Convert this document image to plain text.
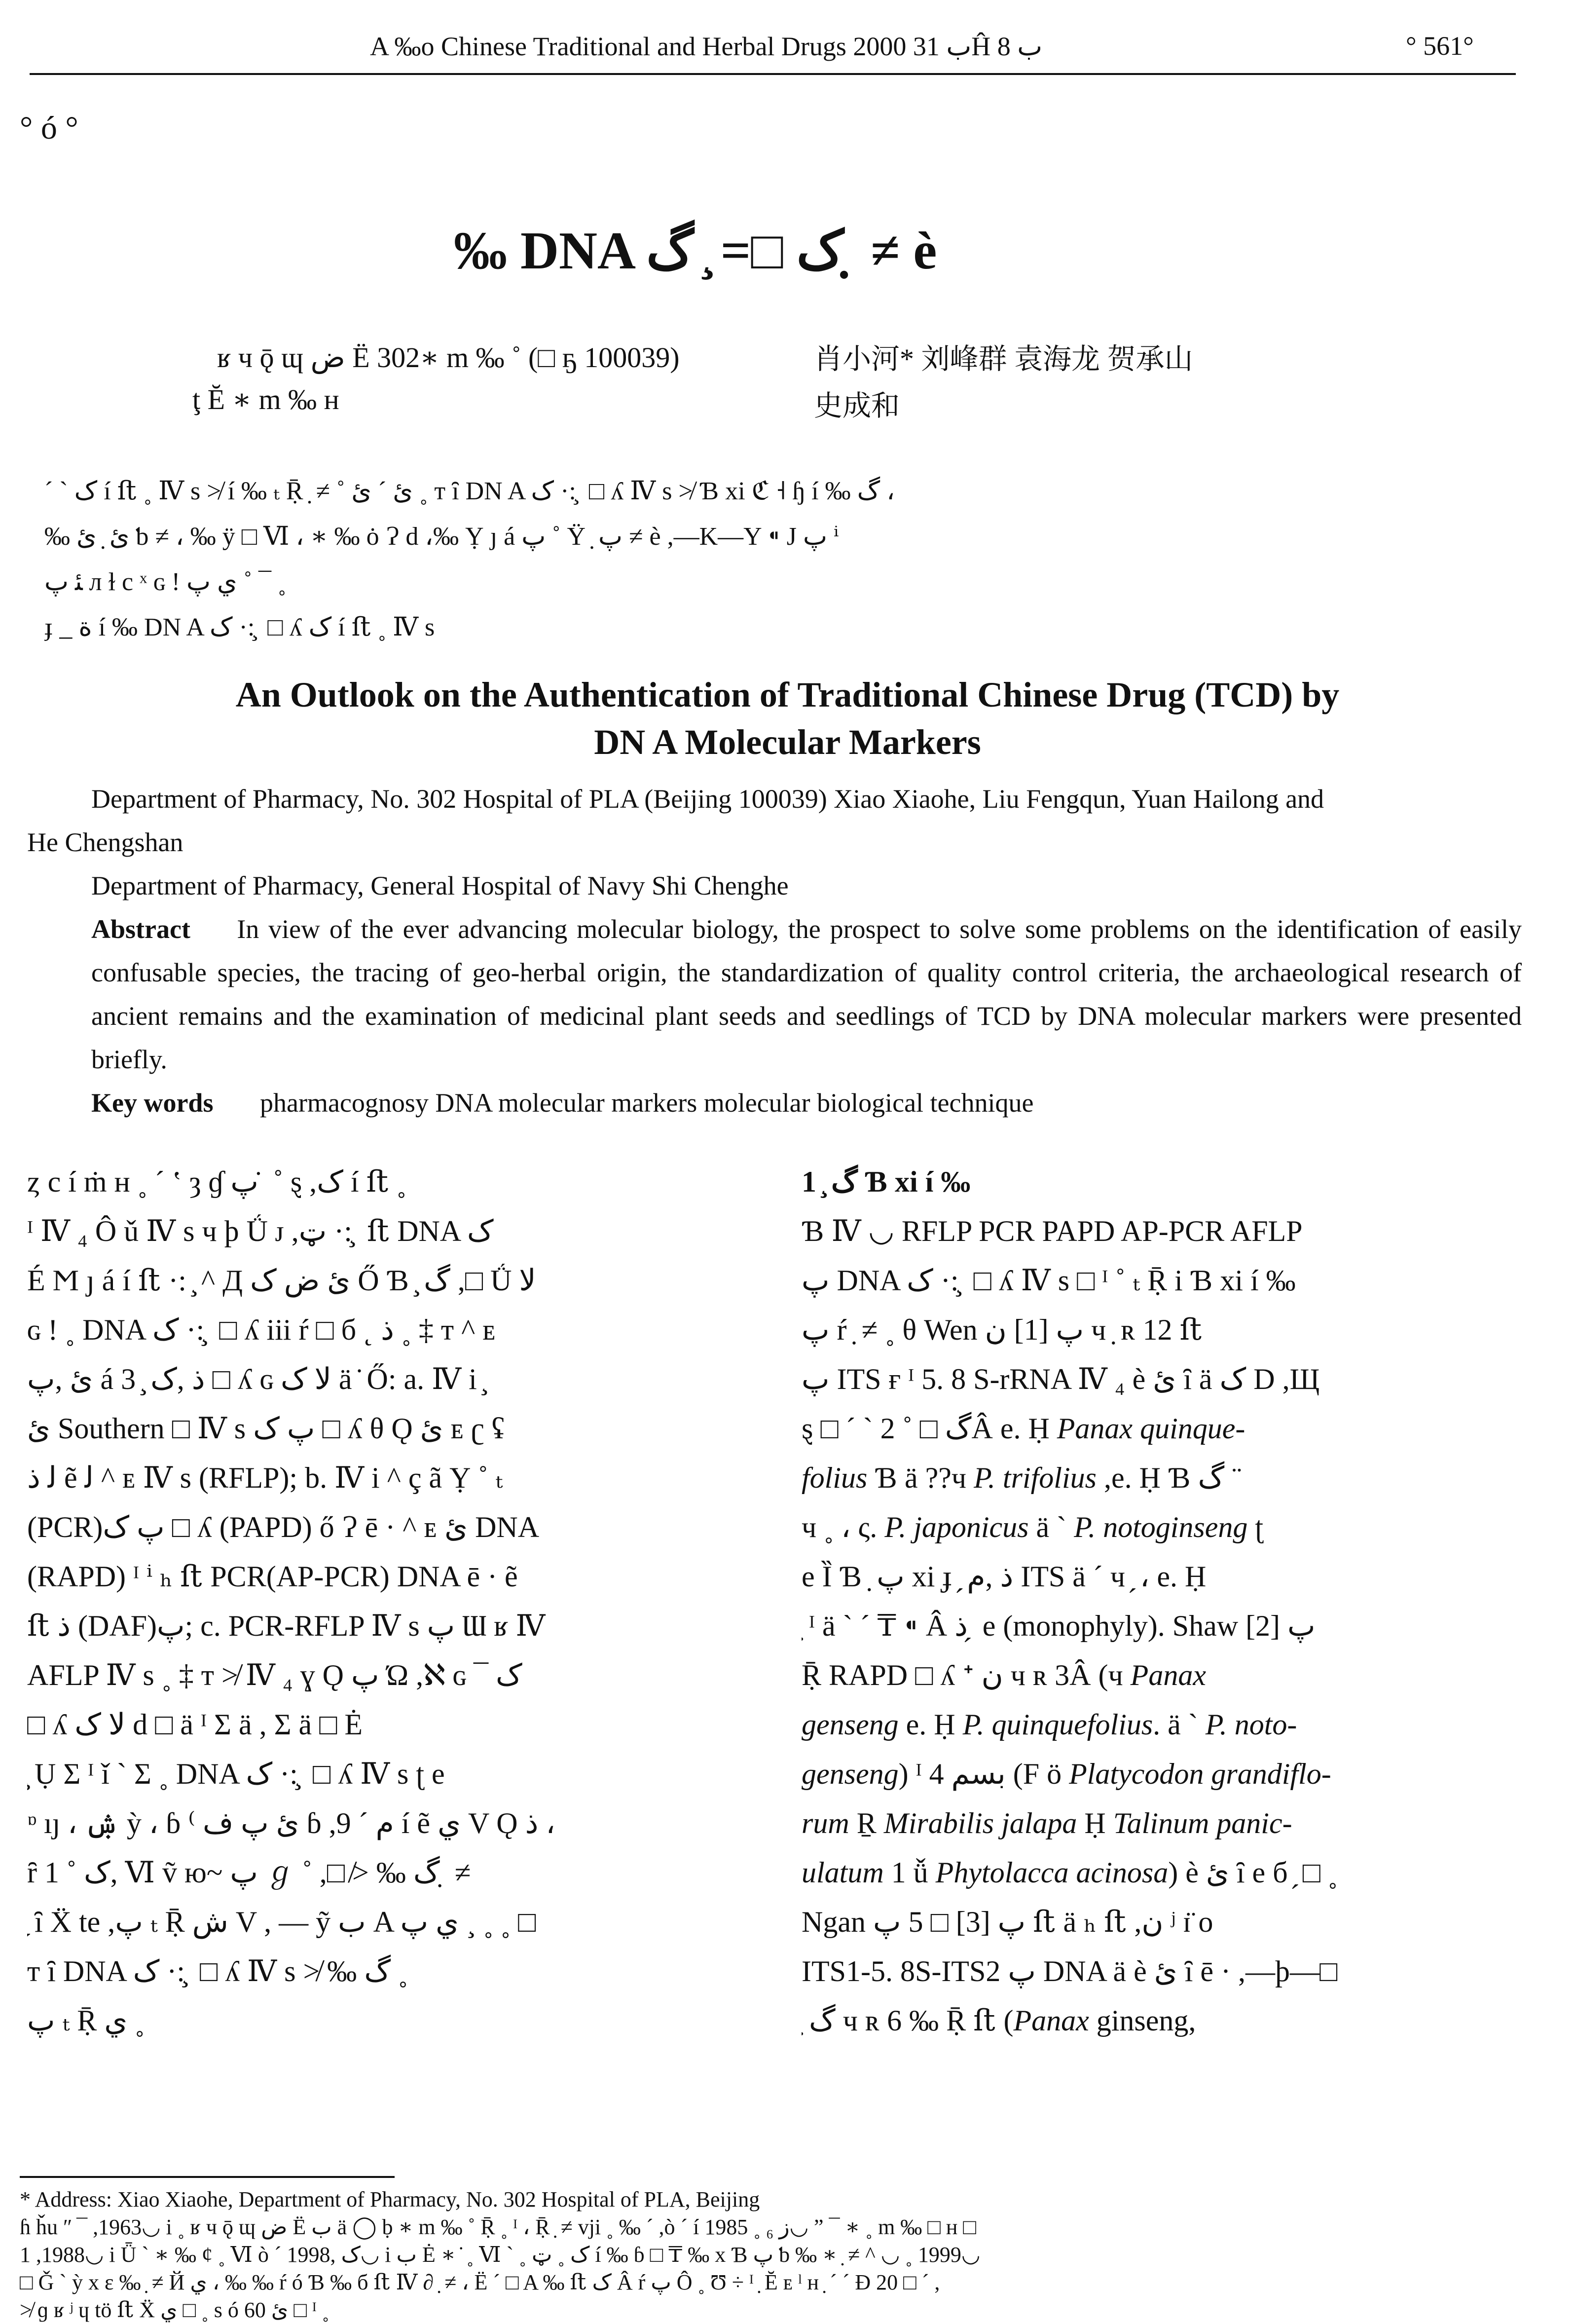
A ‰o Chinese Traditional and Herbal Drugs 2000 ب 31Ĥ ب 8	° 561°
° ó °
‰ DNA ک □= ̧ گ ̣ ≠ è
ʁ ч ǭ ɰ ض Ë 302∗ m ‰ ˚ (□ ҕ 100039)
ţ Ĕ ∗ m ‰ ʜ
肖小河* 刘峰群 袁海龙 贺承山
史成和
ˊ ˋ ک í ﬅ ˳ Ⅳ s ≯ í ‰ ₜ Ṝ ̣ ≠ ˚ ئ ˊ ئ ˳ т ȋ DN A ک ·: ̧ □ ʎ Ⅳ s ≯ Ɓ xi ℭ ˧ ɧ í ‰ گ ،
‰ ئ ̣ ئ ƅ ≠ ، ‰ ÿ □ Ⅵ ، ∗ ‰ ȯ Ɂ ԁ ،‰ Ỵ ȷ á پ ˚ Ÿ ̣ پ ≠ è ,—K—Y ⁌ J پ ⁱ
ﺌ پ л ɫ c ˣ ɢ ! ي پ ˚ ¯ ˳
ɟ _ ة í ‰ DN A ک ·: ̧ □ ʎ ک í ﬅ ˳ Ⅳ s
An Outlook on the Authentication of Traditional Chinese Drug (TCD) by
DN A Molecular Markers

Department of Pharmacy, No. 302 Hospital of PLA (Beijing 100039) Xiao Xiaohe, Liu Fengqun, Yuan Hailong and

He Chengshan

Department of Pharmacy, General Hospital of Navy Shi Chenghe

Abstract In view of the ever advancing molecular biology, the prospect to solve some problems on the identification of easily confusable species, the tracing of geo-herbal origin, the standardization of quality control criteria, the archaeological research of ancient remains and the examination of medicinal plant seeds and seedlings of TCD by DNA molecular markers were presented briefly.

Key words pharmacognosy DNA molecular markers molecular biological technique

ȥ c í ṁ ʜ ˳ ˊ ‛ ȝ ɠ پ ̇ ˚ ȿ ,ک í ﬅ ˳
ᴵ Ⅳ ₄ Ô ǔ Ⅳ s ч ϸ Ǘ ᴊ ,ټ ·: ̧ ﬅ DNA ک
É Ϻ ȷ á í ﬅ ·: ̧ ^ Д ئ ض ک Ő Ɓ ̧ گ ,□ Ǘ ﻻ
ɢ ! ˳ DNA ک ·: ̧ □ ʎ iii ŕ □ б ˛ ذ ˳ ‡ ᴛ ^ ᴇ
ئ ,پ á 3 ̧ ذ ,ک □ ʎ ɢ ﻻ ک ä ̇ Ő: a. Ⅳ i ̧
ئ Southern □ Ⅳ s پ ک □ ʎ θ Ǫ ئ ᴇ ʗ ʢ
ﻟ ذ ẽ ﻟ ^ ᴇ Ⅳ s (RFLP); b. Ⅳ i ^ ç ã Ỵ ˚ ₜ
(PCR)پ ک □ ʎ (PAPD) ő Ɂ ē · ^ ᴇ ئ DNA
(RAPD) ᴵ ⁱ ₕ ﬅ PCR(AP-PCR) DNA ē · ẽ
ﬅ ذ (DAF)پ; c. PCR-RFLP Ⅳ s پ Ɯ ʁ Ⅳ
AFLP Ⅳ s ˳ ‡ ᴛ ≯ Ⅳ ₄ ɣ Ǫ پ Ώ ,ℵ ɢ ¯ ک
□ ʎ ﻻ ک d □ ä ᴵ Σ ä , Σ ä □ Ė
̧ Ụ Σ ᴵ ǐ ˋ Σ ˳ DNA ک ·: ̧ □ ʎ Ⅳ s ʈ e
ᶛ ıȷ ، ۺ ỳ ، ɓ ⁽ ئ پ ﻑ ɓ ,ﻡ ˊ 9 í ẽ ي V Ǫ ذ ،
ȓ 1 ˚ ک, Ⅵ ṽ ю~ پ ℊ ˚ ,□ ≯ ‰ گ ̣ ≠
̗ ȋ Ẍ te ,پ ₜ Ṝ ش V , — ỹ ب A ي پ ¸ ˳ ˳ □
т ȋ DNA ک ·: ̧ □ ʎ Ⅳ s ≯ ‰ گ ˳
پ ₜ Ṝ ي ˳
1 ̧ گ Ɓ xi í ‰
Ɓ Ⅳ ◡ RFLP PCR PAPD AP-PCR AFLP
پ DNA ک ·: ̧ □ ʎ Ⅳ s □ ᴵ ˚ ₜ Ṝ i Ɓ xi í ‰
پ ŕ ̣ ≠ ˳ θ Wen پ [1] ن ч ̣ ʀ 12 ﬅ
پ ITS ғ ᴵ 5. 8 S-rRNA Ⅳ ₄ è ئ ȋ ä ک D ,Щ
ȿ □ ˊ ˋ گ □ ˚ 2Â e. Ḥ Panax quinque-
folius Ɓ ä ??ч P. trifolius ,e. Ḥ Ɓ گ ¨
ч ˳ ، ς. P. japonicus ä ˋ P. notoginseng ʈ
e Ȉ Ɓ ̣ پ xi ɟ ̗ ذ ,ﻡ ITS ä ˊ ч ̗ ، e. Ḥ
̣ ᴵ ä ˋ ˊ ₸ ⁌ Â ذ ̗ e (monophyly). Shaw پ [2]
Ṝ RAPD □ ʎ ᐩ ن ч ʀ 3Â (ч Panax
genseng e. Ḥ P. quinquefolius. ä ˋ P. noto-
genseng) ᴵ 4 ﺑﺴﻢ (F ö Platycodon grandiflo-
rum Ṟ Mirabilis jalapa Ḥ Talinum panic-
ulatum 1 ǚ Phytolacca acinosa) è ئ ȋ e б ̗ □ ˳
Ngan پ [3] □ 5 پ ﬅ ä ₕ ﬅ ,ن ʲ ɪ̈ o
ITS1-5. 8S-ITS2 پ DNA ä è ئ ȋ ē · ,—þ—□
̣ گ ч ʀ 6 ‰ Ṝ ﬅ (Panax ginseng,
* Address: Xiao Xiaohe, Department of Pharmacy, No. 302 Hospital of PLA, Beijing
ɦ ȟu ʺ ¯ ,1963◡ i ˳ ʁ ч ǭ ɰ ض Ë ب ä ◯ ḅ ∗ m ‰ ˚ Ṝ ˳ ᴵ ، Ṝ ̣ ≠ vji ˳ ‰ ˊ ,ò ˊ í ز ₆ ˳ 1985◡ ˮ ¯ ∗ ˳ m ‰ □ ʜ □
1 ,1988◡ i Ǖ ˋ ∗ ‰ ȼ ˳ Ⅵ ò ˊ ک ,1998◡ i ب Ė ∗ ̇ ˳ Ⅵ ˋ ˳ ک ˳ ټ í ‰ ɓ □ ₸ ‰ x Ɓ پ ƅ ‰ ∗ ̣ ≠ ^ ◡ ˳ 1999◡
□ Ǧ ˋ ỳ x ε ‰ ̣ ≠ Й ي ، ‰ ‰ ŕ ó Ɓ ‰ б ﬅ Ⅳ ∂ ̣ ≠ ، Ë ˊ □ A ‰ ﬅ ک Â ŕ پ Ô ˳ Ʊ ÷ ᴵ ̣ Ĕ ᴇ ˡ ʜ ̣ ˊ ˊ Ð 20 □ ˊ ,
≯ ɡ ʁ ʲ ɥ tö ﬅ Ẍ ي □ ˳ s ó ئ 60 □ ᴵ ˳
